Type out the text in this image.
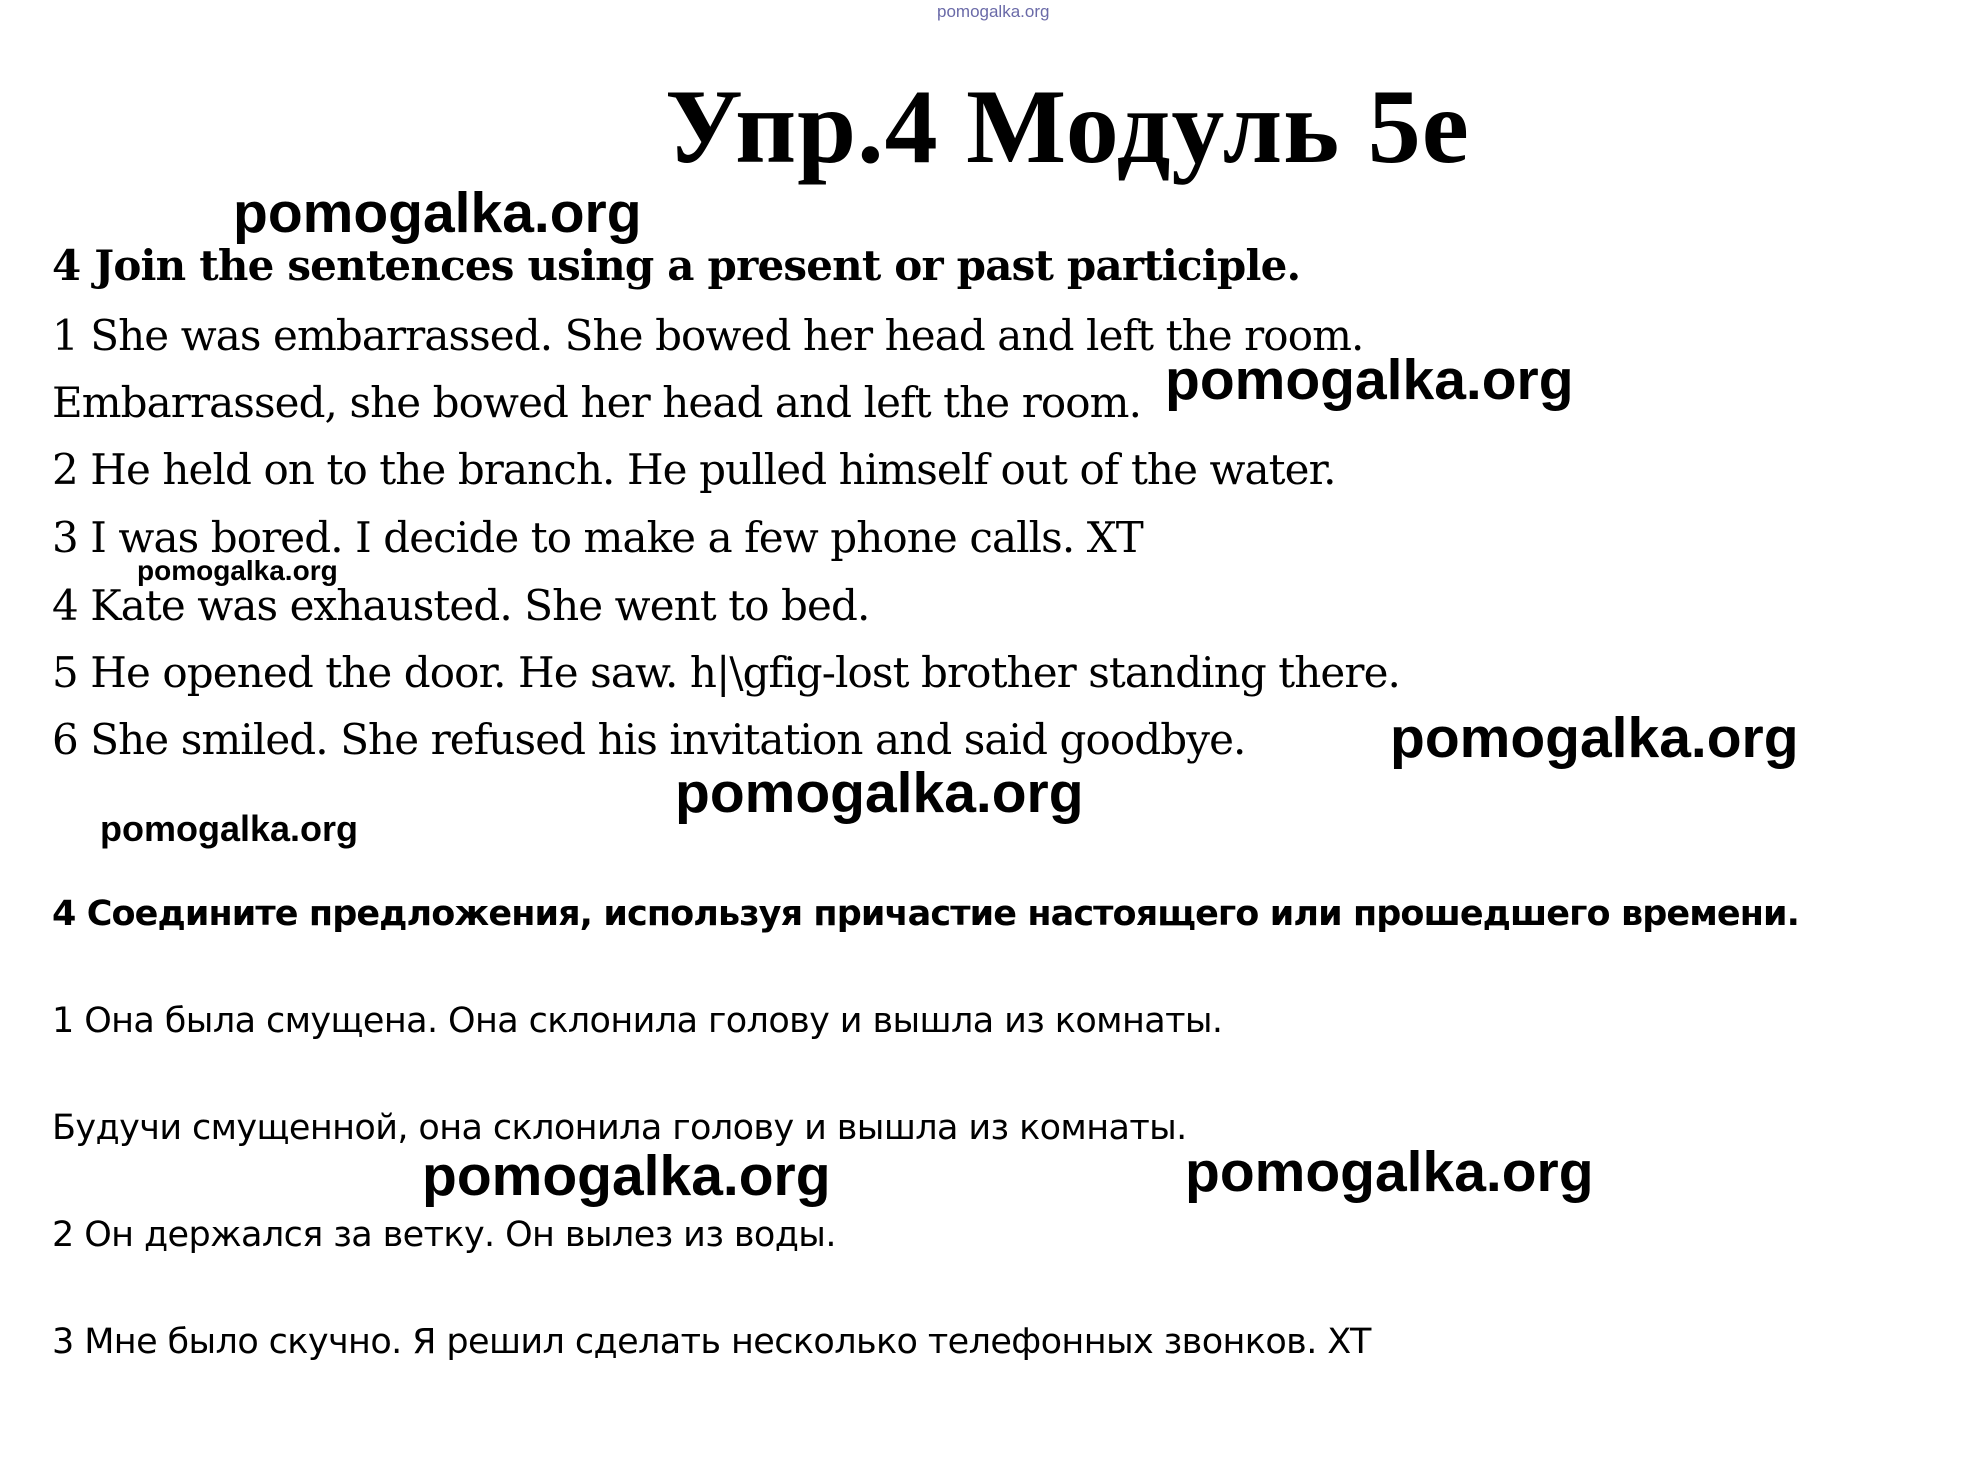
pomogalka.org
Упр.4 Модуль 5е
pomogalka.org
4 Join the sentences using a present or past participle.
1 She was embarrassed. She bowed her head and left the room.
Embarrassed, she bowed her head and left the room.
2 He held on to the branch. He pulled himself out of the water.
3 I was bored. I decide to make a few phone calls. XT
4 Kate was exhausted. She went to bed.
5 He opened the door. He saw. h|\gfig-lost brother standing there.
6 She smiled. She refused his invitation and said goodbye.
pomogalka.org
pomogalka.org
pomogalka.org
pomogalka.org
pomogalka.org
4 Соедините предложения, используя причастие настоящего или прошедшего времени.
1 Она была смущена. Она склонила голову и вышла из комнаты.
Будучи смущенной, она склонила голову и вышла из комнаты.
2 Он держался за ветку. Он вылез из воды.
3 Мне было скучно. Я решил сделать несколько телефонных звонков. XT
pomogalka.org	pomogalka.org
